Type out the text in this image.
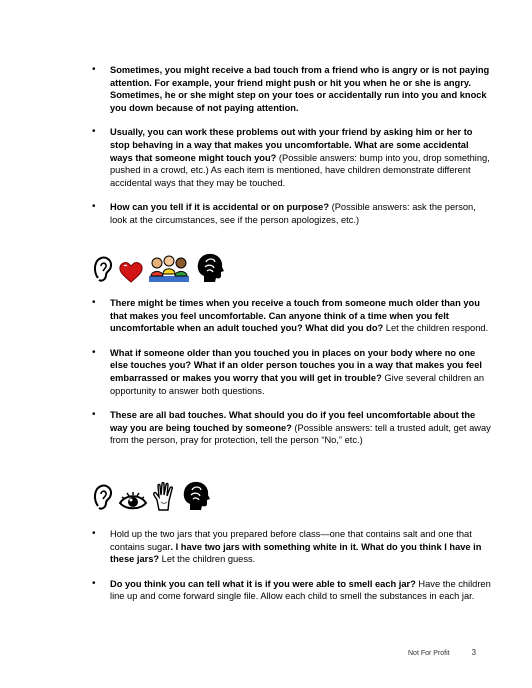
• Sometimes, you might receive a bad touch from a friend who is angry or is not paying attention. For example, your friend might push or hit you when he or she is angry. Sometimes, he or she might step on your toes or accidentally run into you and knock you down because of not paying attention.
• Usually, you can work these problems out with your friend by asking him or her to stop behaving in a way that makes you uncomfortable. What are some accidental ways that someone might touch you? (Possible answers: bump into you, drop something, pushed in a crowd, etc.) As each item is mentioned, have children demonstrate different accidental ways that they may be touched.
• How can you tell if it is accidental or on purpose? (Possible answers: ask the person, look at the circumstances, see if the person apologizes, etc.)
• There might be times when you receive a touch from someone much older than you that makes you feel uncomfortable. Can anyone think of a time when you felt uncomfortable when an adult touched you? What did you do? Let the children respond.
• What if someone older than you touched you in places on your body where no one else touches you? What if an older person touches you in a way that makes you feel embarrassed or makes you worry that you will get in trouble? Give several children an opportunity to answer both questions.
• These are all bad touches. What should you do if you feel uncomfortable about the way you are being touched by someone? (Possible answers: tell a trusted adult, get away from the person, pray for protection, tell the person “No,” etc.)
• Hold up the two jars that you prepared before class—one that contains salt and one that contains sugar. I have two jars with something white in it. What do you think I have in these jars? Let the children guess.
• Do you think you can tell what it is if you were able to smell each jar? Have the children line up and come forward single file. Allow each child to smell the substances in each jar.
Not For Profit	3
